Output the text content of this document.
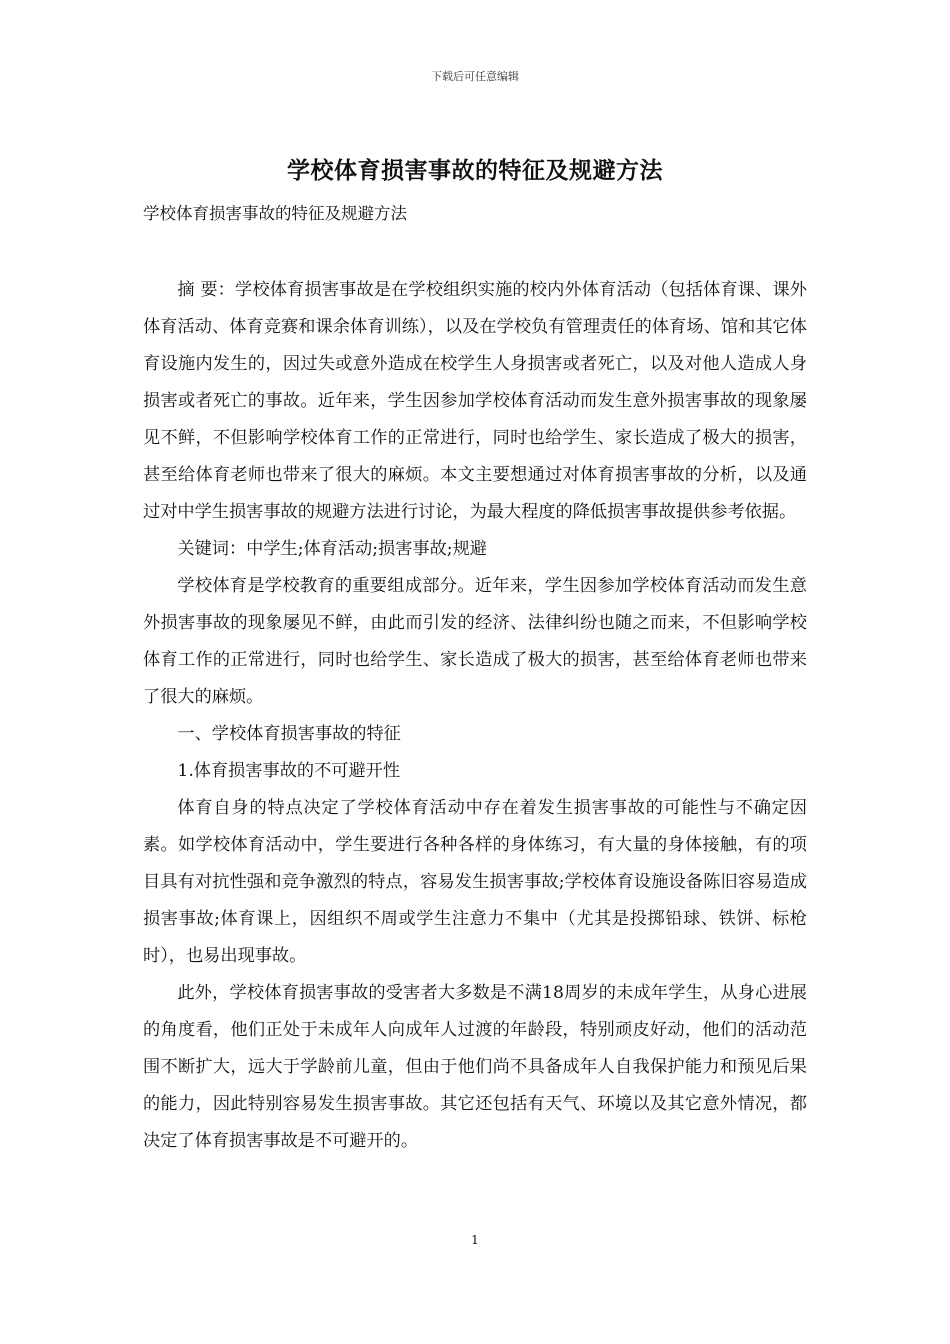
下载后可任意编辑
学校体育损害事故的特征及规避方法
学校体育损害事故的特征及规避方法

摘 要：学校体育损害事故是在学校组织实施的校内外体育活动（包括体育课、课外体育活动、体育竞赛和课余体育训练），以及在学校负有管理责任的体育场、馆和其它体育设施内发生的，因过失或意外造成在校学生人身损害或者死亡，以及对他人造成人身损害或者死亡的事故。近年来，学生因参加学校体育活动而发生意外损害事故的现象屡见不鲜，不但影响学校体育工作的正常进行，同时也给学生、家长造成了极大的损害，甚至给体育老师也带来了很大的麻烦。本文主要想通过对体育损害事故的分析，以及通过对中学生损害事故的规避方法进行讨论，为最大程度的降低损害事故提供参考依据。

关键词：中学生;体育活动;损害事故;规避

学校体育是学校教育的重要组成部分。近年来，学生因参加学校体育活动而发生意外损害事故的现象屡见不鲜，由此而引发的经济、法律纠纷也随之而来，不但影响学校体育工作的正常进行，同时也给学生、家长造成了极大的损害，甚至给体育老师也带来了很大的麻烦。

一、学校体育损害事故的特征

1.体育损害事故的不可避开性

体育自身的特点决定了学校体育活动中存在着发生损害事故的可能性与不确定因素。如学校体育活动中，学生要进行各种各样的身体练习，有大量的身体接触，有的项目具有对抗性强和竞争激烈的特点，容易发生损害事故;学校体育设施设备陈旧容易造成损害事故;体育课上，因组织不周或学生注意力不集中（尤其是投掷铅球、铁饼、标枪时），也易出现事故。

此外，学校体育损害事故的受害者大多数是不满18周岁的未成年学生，从身心进展的角度看，他们正处于未成年人向成年人过渡的年龄段，特别顽皮好动，他们的活动范围不断扩大，远大于学龄前儿童，但由于他们尚不具备成年人自我保护能力和预见后果的能力，因此特别容易发生损害事故。其它还包括有天气、环境以及其它意外情况，都决定了体育损害事故是不可避开的。

1
